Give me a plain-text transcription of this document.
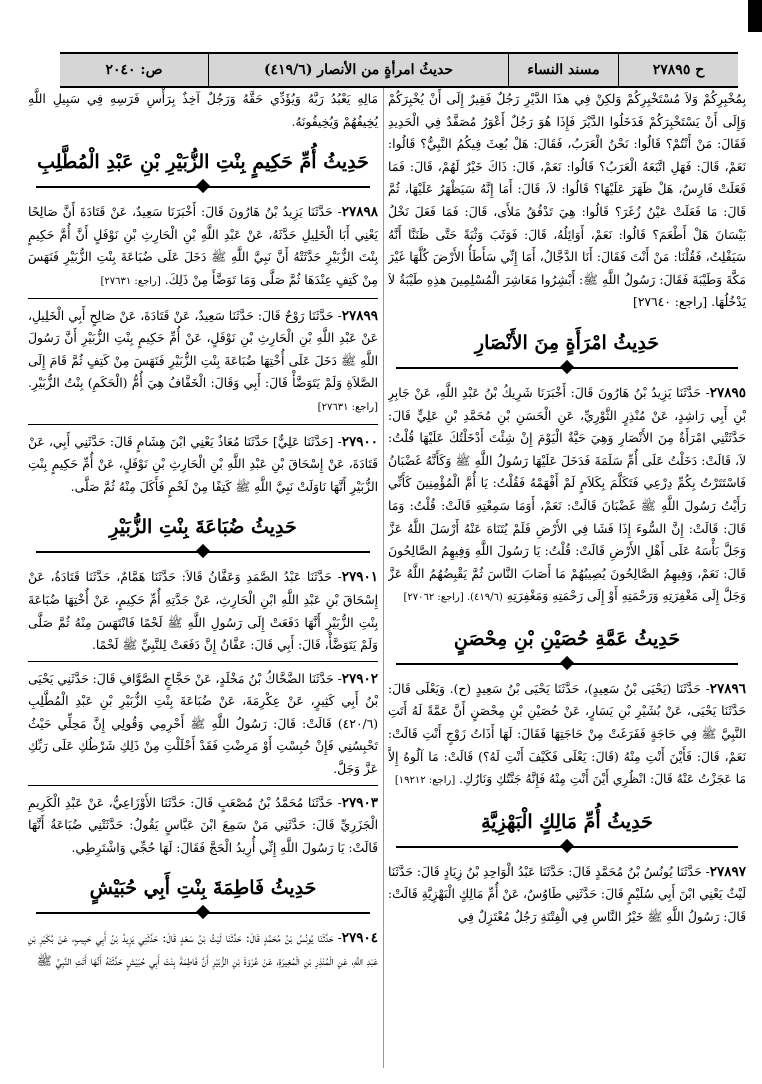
ح ٢٧٨٩٥
مسند النساء
حديثُ امرأةٍ من الأنصار (٤١٩/٦)
ص: ٢٠٤٠

بِمُخْبِرِكُمْ وَلاَ مُسْتَخْبِرِكُمْ وَلكِنْ فِي هذَا الدَّيْرِ رَجُلٌ فَقِيرٌ إِلَى أَنْ يُخْبِرَكُمْ وَإِلَى أَنْ يَسْتَخْبِرَكُمْ فَدَخَلُوا الدَّيْرَ فَإِذَا هُوَ رَجُلٌ أَعْوَرُ مُصَفَّدٌ فِي الْحَدِيدِ فَقَالَ: مَنْ أَنْتُمْ؟ قَالُوا: نَحْنُ الْعَرَبُ، فَقَالَ: هَلْ بُعِثَ فِيكُمُ النَّبِيُّ؟ قَالُوا: نَعَمْ، قَالَ: فَهَلِ اتَّبَعَهُ الْعَرَبُ؟ قَالُوا: نَعَمْ، قَالَ: ذَاكَ خَيْرٌ لَهُمْ، قَالَ: فَمَا فَعَلَتْ فَارِسُ، هَلْ ظَهَرَ عَلَيْهَا؟ قَالُوا: لاَ، قَالَ: أَمَا إِنَّهُ سَيَظْهَرُ عَلَيْهَا، ثُمَّ قَالَ: مَا فَعَلَتْ عَيْنُ زُغَرَ؟ قَالُوا: هِيَ تَدْفُقُ مَلأَى، قَالَ: فَمَا فَعَلَ نَخْلُ بَيْسَانَ هَلْ أَطْعَمَ؟ قَالُوا: نَعَمْ، أَوَائِلُهُ، قَالَ: فَوَثَبَ وَثْبَةً حَتَّى ظَنَنَّا أَنَّهُ سَيَفْلِتُ، فَقُلْنَا: مَنْ أَنْتَ فَقَالَ: أَنَا الدَّجَّالُ، أَمَا إِنِّي سَأَطَأُ الأَرْضَ كُلَّهَا غَيْرَ مَكَّةَ وَطَيْبَةَ فَقَالَ: رَسُولُ اللَّهِ ﷺ: أَبْشِرُوا مَعَاشِرَ الْمُسْلِمِينَ هذِهِ طَيْبَةُ لاَ يَدْخُلُهَا. [راجع: ٢٧٦٤٠]

حَدِيثُ امْرَأَةٍ مِنَ الأَنْصَارِ

٢٧٨٩٥- حَدَّثَنَا يَزِيدُ بْنُ هَارُونَ قَالَ: أَخْبَرَنَا شَرِيكُ بْنُ عَبْدِ اللَّهِ، عَنْ جَابِرِ بْنِ أَبِي رَاشِدٍ، عَنْ مُنْذِرٍ الثَّوْرِيِّ، عَنِ الْحَسَنِ بْنِ مُحَمَّدِ بْنِ عَلِيٍّ قَالَ: حَدَّثَتْنِي امْرَأَةٌ مِنَ الأَنْصَارِ وَهِيَ حَيَّةٌ الْيَوْمَ إِنْ شِئْتَ أَدْخَلْتُكَ عَلَيْهَا قُلْتُ: لاَ، قَالَتْ: دَخَلْتُ عَلَى أُمِّ سَلَمَةَ فَدَخَلَ عَلَيْهَا رَسُولُ اللَّهِ ﷺ وَكَأَنَّهُ غَضْبَانُ فَاسْتَتَرْتُ بِكُمِّ دِرْعِي فَتَكَلَّمَ بِكَلاَمٍ لَمْ أَفْهَمْهُ فَقُلْتُ: يَا أُمَّ الْمُؤْمِنِينَ كَأَنِّي رَأَيْتُ رَسُولَ اللَّهِ ﷺ غَضْبَانَ قَالَتْ: نَعَمْ، أَوَمَا سَمِعْتِهِ قَالَتْ: قُلْتُ: وَمَا قَالَ: قَالَتْ: إِنَّ السُّوءَ إِذَا فَشَا فِي الأَرْضِ فَلَمْ يُتَنَاهَ عَنْهُ أَرْسَلَ اللَّهُ عَزَّ وَجَلَّ بَأْسَهُ عَلَى أَهْلِ الأَرْضِ قَالَتْ: قُلْتُ: يَا رَسُولَ اللَّهِ وَفِيهِمُ الصَّالِحُونَ قَالَ: نَعَمْ، وَفِيهِمُ الصَّالِحُونَ يُصِيبُهُمْ مَا أَصَابَ النَّاسَ ثُمَّ يَقْبِضُهُمُ اللَّهُ عَزَّ وَجَلَّ إِلَى مَغْفِرَتِهِ وَرَحْمَتِهِ أَوْ إِلَى رَحْمَتِهِ وَمَغْفِرَتِهِ (٤١٩/٦). [راجع: ٢٧٠٦٢]

حَدِيثُ عَمَّةِ حُصَيْنِ بْنِ مِحْصَنٍ

٢٧٨٩٦- حَدَّثَنَا (يَحْيَى بْنُ سَعِيدٍ)، حَدَّثَنَا يَحْيَى بْنُ سَعِيدٍ (ح). وَيَعْلَى قَالَ: حَدَّثَنَا يَحْيَى، عَنْ بُشَيْرِ بْنِ يَسَارٍ، عَنْ حُصَيْنِ بْنِ مِحْصَنٍ أَنَّ عَمَّةً لَهُ أَتَتِ النَّبِيَّ ﷺ فِي حَاجَةٍ فَفَرَغَتْ مِنْ حَاجَتِهَا فَقَالَ: لَهَا أَذَاتُ زَوْجٍ أَنْتِ قَالَتْ: نَعَمْ، قَالَ: فَأَيْنَ أَنْتِ مِنْهُ (قَالَ: يَعْلَى فَكَيْفَ أَنْتِ لَهُ؟) قَالَتْ: مَا آلُوهُ إِلاَّ مَا عَجَزْتُ عَنْهُ قَالَ: انْظُرِي أَيْنَ أَنْتِ مِنْهُ فَإِنَّهُ جَنَّتُكِ وَنَارُكِ. [راجع: ١٩٢١٢]

حَدِيثُ أُمِّ مَالِكٍ الْبَهْزِيَّةِ

٢٧٨٩٧- حَدَّثَنَا يُونُسُ بْنُ مُحَمَّدٍ قَالَ: حَدَّثَنَا عَبْدُ الْوَاحِدِ بْنُ زِيَادٍ قَالَ: حَدَّثَنَا لَيْثٌ يَعْنِي ابْنَ أَبِي سُلَيْمٍ قَالَ: حَدَّثَنِي طَاوُسٌ، عَنْ أُمِّ مَالِكٍ الْبَهْزِيَّةِ قَالَتْ: قَالَ: رَسُولُ اللَّهِ ﷺ خَيْرُ النَّاسِ فِي الْفِتْنَةِ رَجُلٌ مُعْتَزِلٌ فِي

مَالِهِ يَعْبُدُ رَبَّهُ وَيُؤَدِّي حَقَّهُ وَرَجُلٌ آخِذٌ بِرَأْسِ فَرَسِهِ فِي سَبِيلِ اللَّهِ يُخِيفُهُمْ وَيُخِيفُونَهُ.

حَدِيثُ أُمِّ حَكِيمٍ بِنْتِ الزُّبَيْرِ بْنِ عَبْدِ الْمُطَّلِبِ

٢٧٨٩٨- حَدَّثَنَا يَزِيدُ بْنُ هَارُونَ قَالَ: أَخْبَرَنَا سَعِيدٌ، عَنْ قَتَادَةَ أَنَّ صَالِحًا يَعْنِي أَبَا الْخَلِيلِ حَدَّثَهُ، عَنْ عَبْدِ اللَّهِ بْنِ الْحَارِثِ بْنِ نَوْفَلٍ أَنَّ أُمَّ حَكِيمٍ بِنْتَ الزُّبَيْرِ حَدَّثَتْهُ أَنَّ نَبِيَّ اللَّهِ ﷺ دَخَلَ عَلَى ضُبَاعَةَ بِنْتِ الزُّبَيْرِ فَنَهَسَ مِنْ كَتِفٍ عِنْدَهَا ثُمَّ صَلَّى وَمَا تَوَضَّأَ مِنْ ذَلِكَ. [راجع: ٢٧٦٣١]

٢٧٨٩٩- حَدَّثَنَا رَوْحٌ قَالَ: حَدَّثَنَا سَعِيدٌ، عَنْ قَتَادَةَ، عَنْ صَالِحٍ أَبِي الْخَلِيلِ، عَنْ عَبْدِ اللَّهِ بْنِ الْحَارِثِ بْنِ نَوْفَلٍ، عَنْ أُمِّ حَكِيمٍ بِنْتِ الزُّبَيْرِ أَنَّ رَسُولَ اللَّهِ ﷺ دَخَلَ عَلَى أُخْتِهَا ضُبَاعَةَ بِنْتِ الزُّبَيْرِ فَنَهَسَ مِنْ كَتِفٍ ثُمَّ قَامَ إِلَى الصَّلاَةِ وَلَمْ يَتَوَضَّأْ قَالَ: أَبِي وَقَالَ: الْخَفَّافُ هِيَ أُمُّ (الْحَكَمِ) بِنْتُ الزُّبَيْرِ. [راجع: ٢٧٦٣١]

٢٧٩٠٠- [حَدَّثَنَا عَلِيٌّ] حَدَّثَنَا مُعَاذٌ يَعْنِي ابْنَ هِشَامٍ قَالَ: حَدَّثَنِي أَبِي، عَنْ قَتَادَةَ، عَنْ إِسْحَاقَ بْنِ عَبْدِ اللَّهِ بْنِ الْحَارِثِ بْنِ نَوْفَلٍ، عَنْ أُمِّ حَكِيمٍ بِنْتِ الزُّبَيْرِ أَنَّهَا نَاوَلَتْ نَبِيَّ اللَّهِ ﷺ كَتِفًا مِنْ لَحْمٍ فَأَكَلَ مِنْهُ ثُمَّ صَلَّى.

حَدِيثُ ضُبَاعَةَ بِنْتِ الزُّبَيْرِ

٢٧٩٠١- حَدَّثَنَا عَبْدُ الصَّمَدِ وَعَفَّانُ قَالاَ: حَدَّثَنَا هَمَّامٌ، حَدَّثَنَا قَتَادَةُ، عَنْ إِسْحَاقَ بْنِ عَبْدِ اللَّهِ ابْنِ الْحَارِثِ، عَنْ جَدَّتِهِ أُمِّ حَكِيمٍ، عَنْ أُخْتِهَا ضُبَاعَةَ بِنْتِ الزُّبَيْرِ أَنَّهَا دَفَعَتْ إِلَى رَسُولِ اللَّهِ ﷺ لَحْمًا فَانْتَهَسَ مِنْهُ ثُمَّ صَلَّى وَلَمْ يَتَوَضَّأْ، قَالَ: أَبِي قَالَ: عَفَّانُ إِنَّ دَفَعَتْ لِلنَّبِيِّ ﷺ لَحْمًا.

٢٧٩٠٢- حَدَّثَنَا الضَّحَّاكُ بْنُ مَخْلَدٍ، عَنْ حَجَّاجٍ الصَّوَّافِ قَالَ: حَدَّثَنِي يَحْيَى بْنُ أَبِي كَثِيرٍ، عَنْ عِكْرِمَةَ، عَنْ ضُبَاعَةَ بِنْتِ الزُّبَيْرِ بْنِ عَبْدِ الْمُطَّلِبِ (٤٢٠/٦) قَالَتْ: قَالَ: رَسُولُ اللَّهِ ﷺ أَحْرِمِي وَقُولِي إِنَّ مَحِلِّي حَيْثُ تَحْبِسُنِي فَإِنْ حُبِسْتِ أَوْ مَرِضْتِ فَقَدْ أَحْلَلْتِ مِنْ ذَلِكِ شَرْطُكِ عَلَى رَبِّكِ عَزَّ وَجَلَّ.

٢٧٩٠٣- حَدَّثَنَا مُحَمَّدُ بْنُ مُصْعَبٍ قَالَ: حَدَّثَنَا الأَوْزَاعِيُّ، عَنْ عَبْدِ الْكَرِيمِ الْجَزَرِيِّ قَالَ: حَدَّثَنِي مَنْ سَمِعَ ابْنَ عَبَّاسٍ يَقُولُ: حَدَّثَتْنِي ضُبَاعَةُ أَنَّهَا قَالَتْ: يَا رَسُولَ اللَّهِ إِنِّي أُرِيدُ الْحَجَّ فَقَالَ: لَهَا حُجِّي وَاشْتَرِطِي.

حَدِيثُ فَاطِمَةَ بِنْتِ أَبِي حُبَيْشٍ

٢٧٩٠٤- حَدَّثَنَا يُونُسُ بْنُ مُحَمَّدٍ قَالَ: حَدَّثَنَا لَيْثُ بْنُ سَعْدٍ قَالَ: حَدَّثَنِي يَزِيدُ بْنُ أَبِي حَبِيبٍ، عَنْ بُكَيْرِ بْنِ عَبْدِ اللَّهِ، عَنِ الْمُنْذِرِ بْنِ الْمُغِيرَةِ، عَنْ عُرْوَةَ بْنِ الزُّبَيْرِ أَنَّ فَاطِمَةَ بِنْتَ أَبِي حُبَيْشٍ حَدَّثَتْهُ أَنَّهَا أَتَتِ النَّبِيَّ ﷺ
